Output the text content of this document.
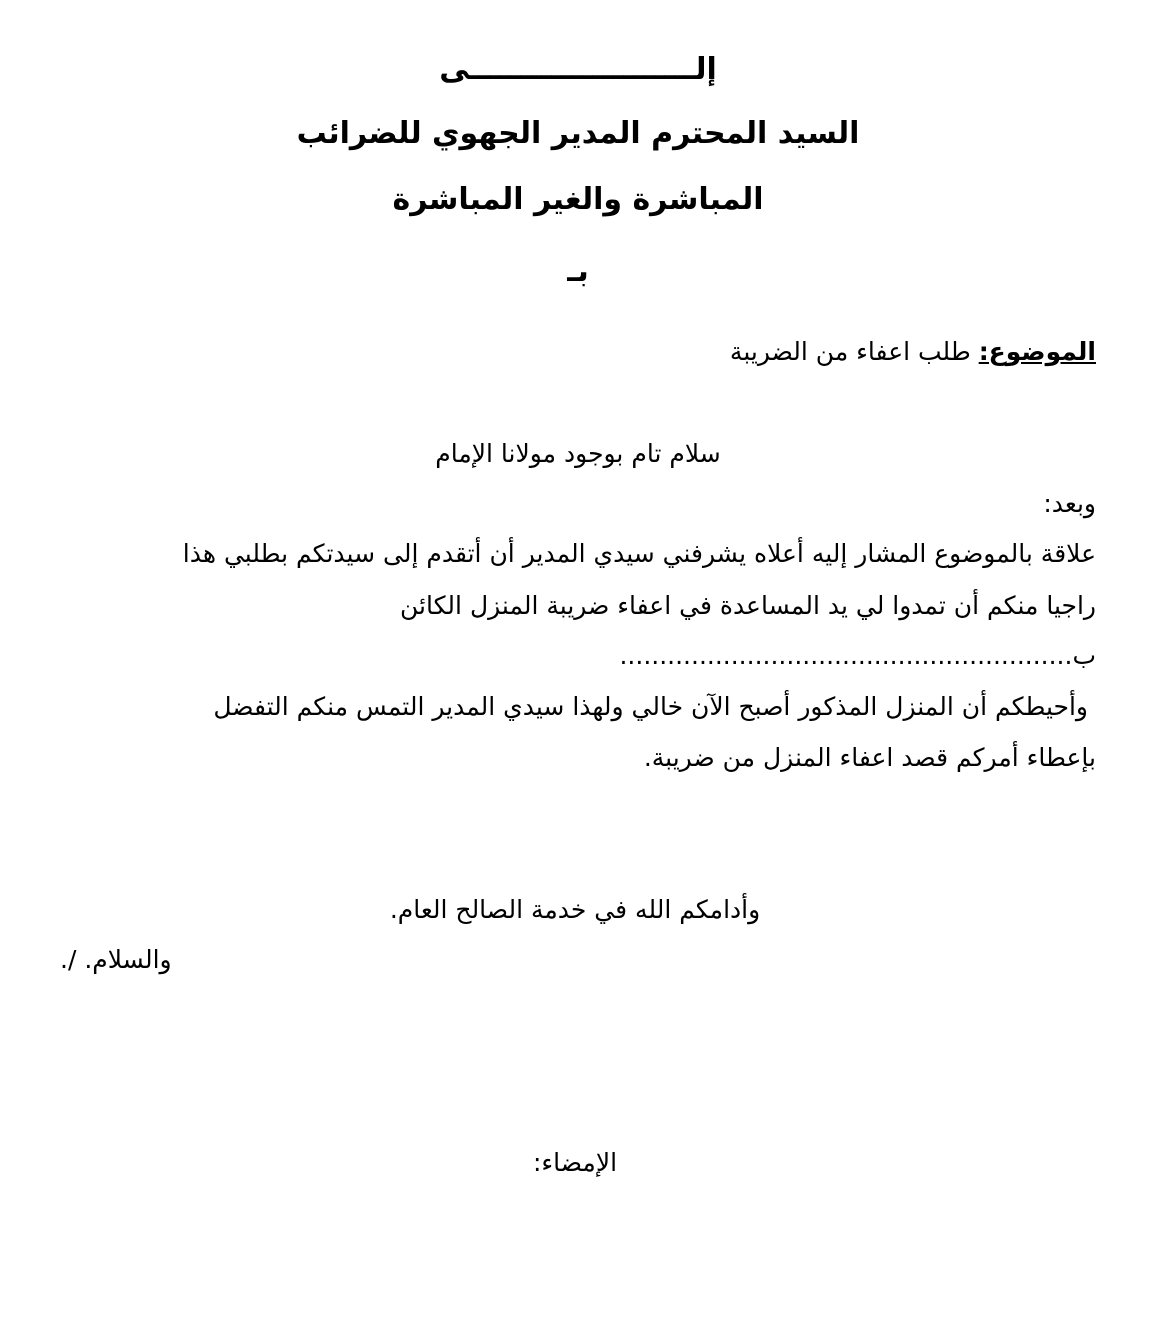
إلــــــــــــــــــــــى
السيد المحترم المدير الجهوي للضرائب
المباشرة والغير المباشرة
بـ
الموضوع: طلب اعفاء من الضريبة
سلام تام بوجود مولانا الإمام
وبعد:
علاقة بالموضوع المشار إليه أعلاه يشرفني سيدي المدير أن أتقدم إلى سيدتكم بطلبي هذا
راجيا منكم أن تمدوا لي يد المساعدة في اعفاء ضريبة المنزل الكائن
ب.........................................................
وأحيطكم أن المنزل المذكور أصبح الآن خالي ولهذا سيدي المدير التمس منكم التفضل
بإعطاء أمركم قصد اعفاء المنزل من ضريبة.
وأدامكم الله في خدمة الصالح العام.
والسلام. /.
الإمضاء:
